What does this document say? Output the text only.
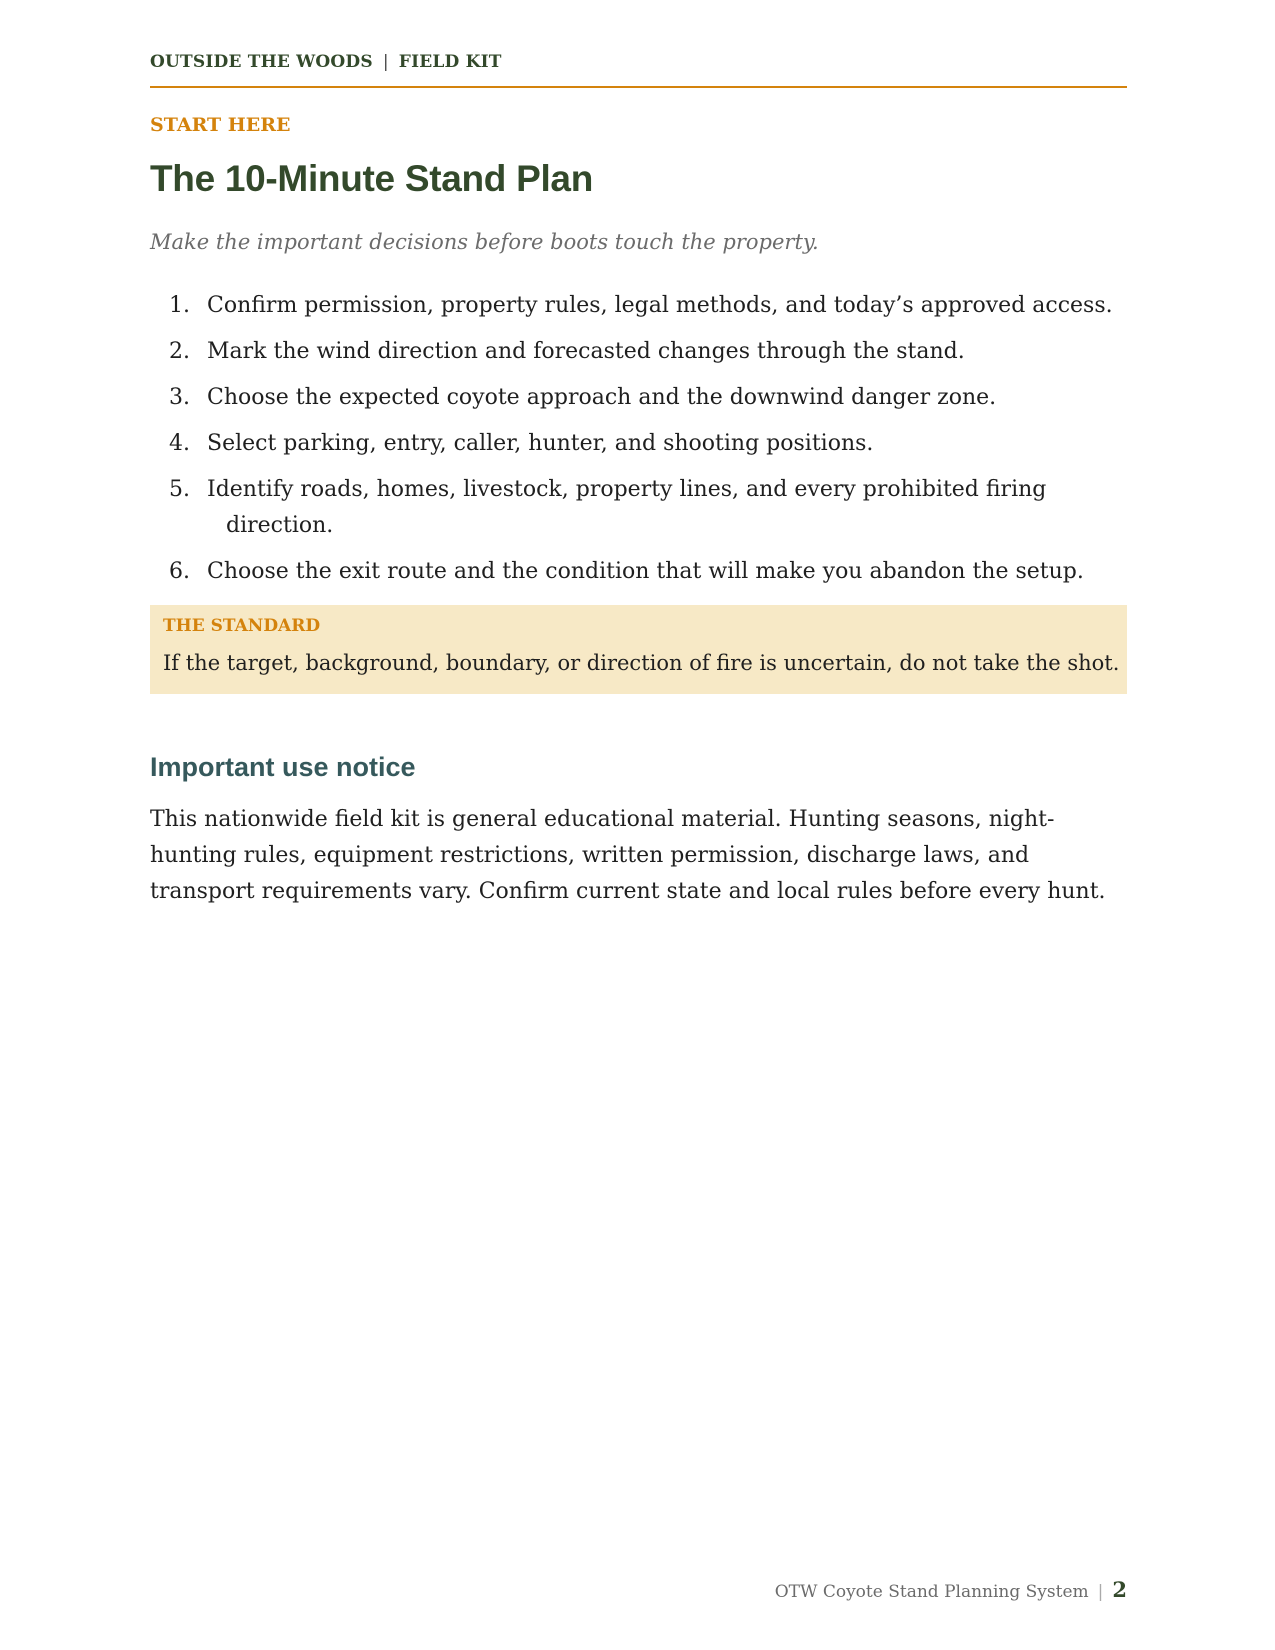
OUTSIDE THE WOODS | FIELD KIT
START HERE
The 10-Minute Stand Plan
Make the important decisions before boots touch the property.
1. Confirm permission, property rules, legal methods, and today’s approved access.
2. Mark the wind direction and forecasted changes through the stand.
3. Choose the expected coyote approach and the downwind danger zone.
4. Select parking, entry, caller, hunter, and shooting positions.
5. Identify roads, homes, livestock, property lines, and every prohibited firing
direction.
6. Choose the exit route and the condition that will make you abandon the setup.
THE STANDARD
If the target, background, boundary, or direction of fire is uncertain, do not take the shot.
Important use notice

This nationwide field kit is general educational material. Hunting seasons, night-hunting rules, equipment restrictions, written permission, discharge laws, and transport requirements vary. Confirm current state and local rules before every hunt.

OTW Coyote Stand Planning System | 2
